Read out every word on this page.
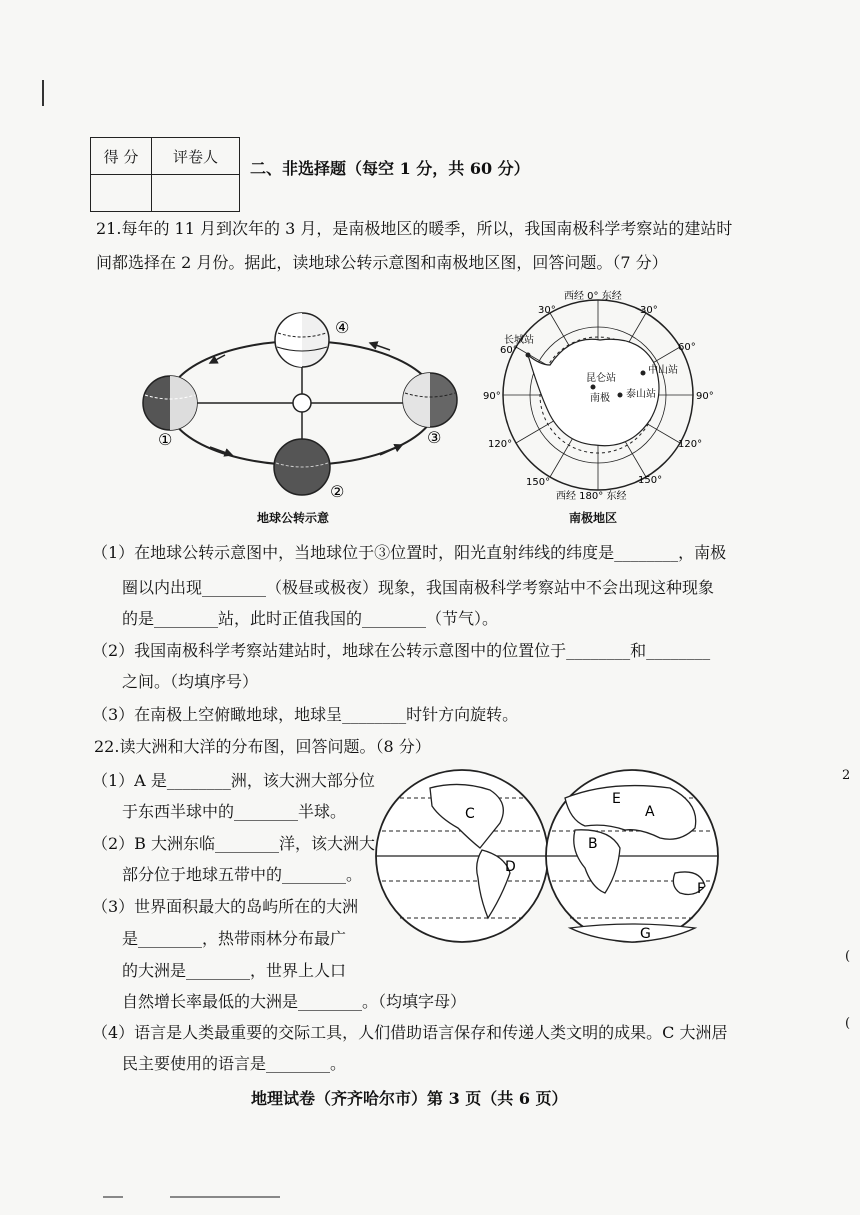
得 分	评卷人

二、非选择题（每空 1 分，共 60 分）
21.每年的 11 月到次年的 3 月，是南极地区的暖季，所以，我国南极科学考察站的建站时
间都选择在 2 月份。据此，读地球公转示意图和南极地区图，回答问题。（7 分）
①
②
③
④
地球公转示意
西经 0° 东经
西经 180° 东经
30°	30°
60°	60°
90°	90°
120°	120°
150°	150°
长城站
中山站
昆仑站
泰山站
南极
南极地区
（1）在地球公转示意图中，当地球位于③位置时，阳光直射纬线的纬度是________，南极
圈以内出现________（极昼或极夜）现象，我国南极科学考察站中不会出现这种现象
的是________站，此时正值我国的________（节气）。
（2）我国南极科学考察站建站时，地球在公转示意图中的位置位于________和________
之间。（均填序号）
（3）在南极上空俯瞰地球，地球呈________时针方向旋转。
22.读大洲和大洋的分布图，回答问题。（8 分）
（1）A 是________洲，该大洲大部分位
于东西半球中的________半球。
（2）B 大洲东临________洋，该大洲大
部分位于地球五带中的________。
（3）世界面积最大的岛屿所在的大洲
是________，热带雨林分布最广
的大洲是________，世界上人口
自然增长率最低的大洲是________。（均填字母）
（4）语言是人类最重要的交际工具，人们借助语言保存和传递人类文明的成果。C 大洲居
民主要使用的语言是________。
C
D
E
A
B
F
G
地理试卷（齐齐哈尔市）第 3 页（共 6 页）
2
(
(
